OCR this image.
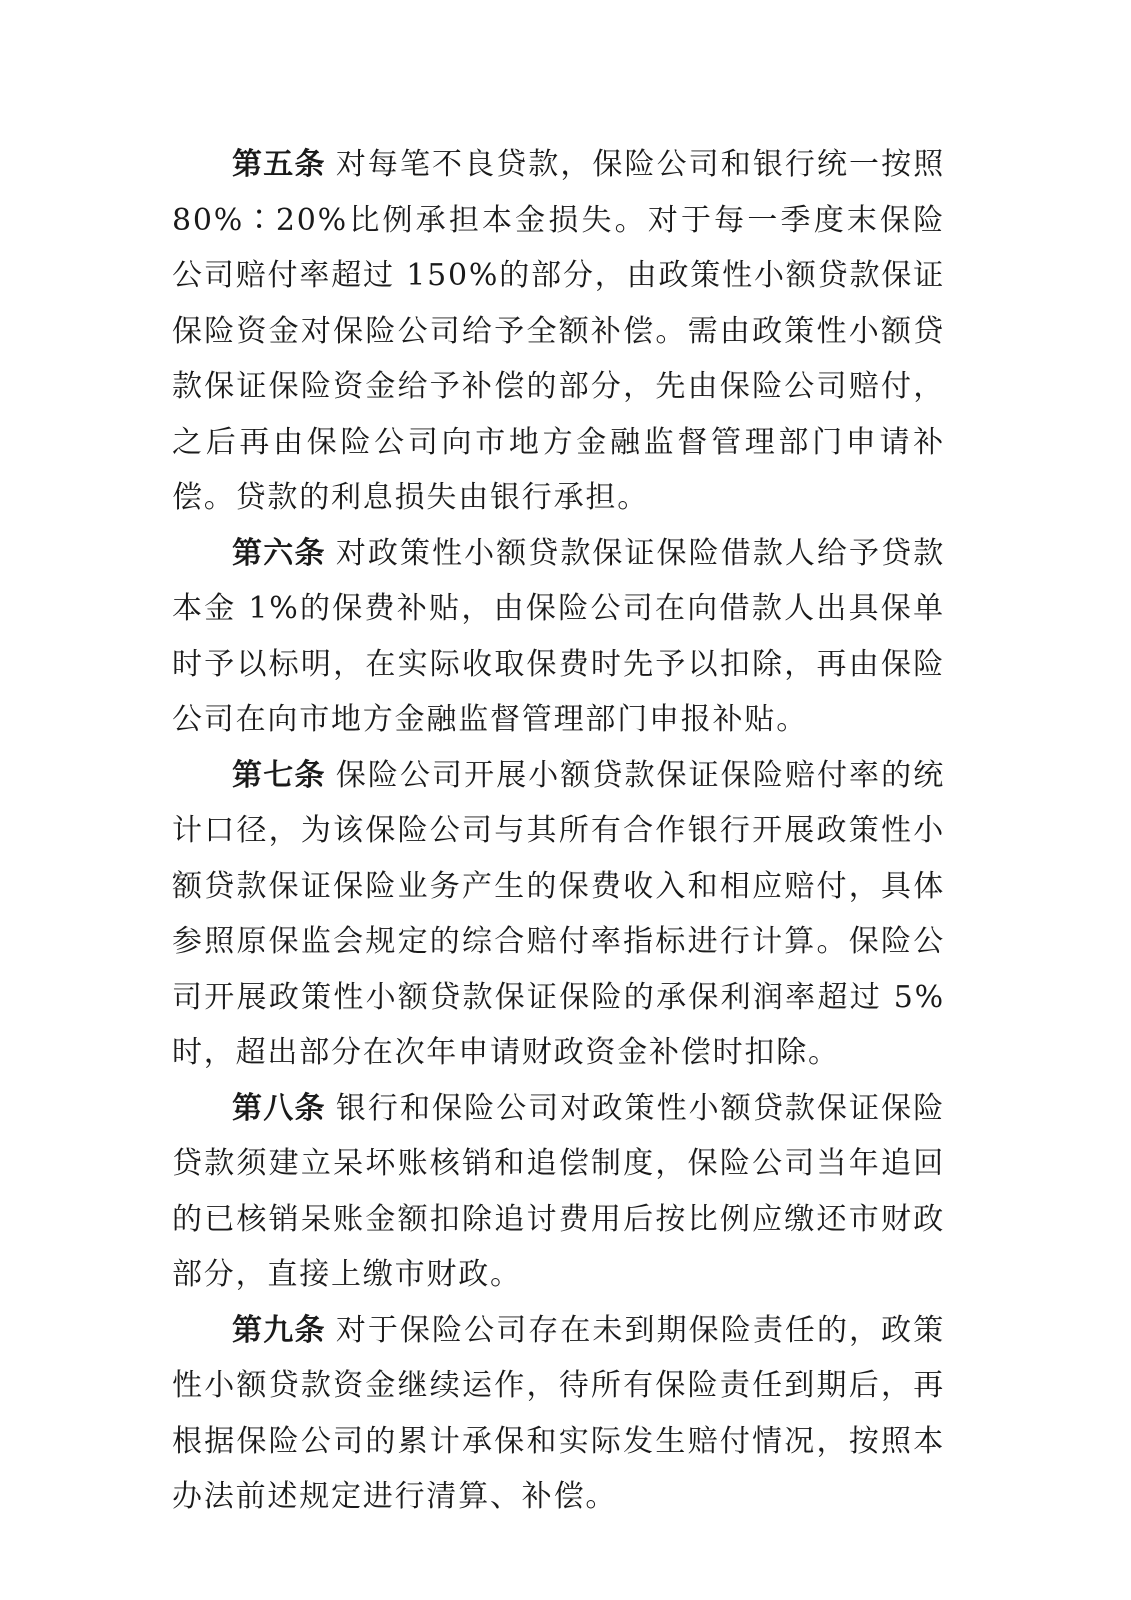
第五条 对每笔不良贷款，保险公司和银行统一按照80%∶20%比例承担本金损失。对于每一季度末保险公司赔付率超过 150%的部分，由政策性小额贷款保证保险资金对保险公司给予全额补偿。需由政策性小额贷款保证保险资金给予补偿的部分，先由保险公司赔付，之后再由保险公司向市地方金融监督管理部门申请补偿。贷款的利息损失由银行承担。

第六条 对政策性小额贷款保证保险借款人给予贷款本金 1%的保费补贴，由保险公司在向借款人出具保单时予以标明，在实际收取保费时先予以扣除，再由保险公司在向市地方金融监督管理部门申报补贴。

第七条 保险公司开展小额贷款保证保险赔付率的统计口径，为该保险公司与其所有合作银行开展政策性小额贷款保证保险业务产生的保费收入和相应赔付，具体参照原保监会规定的综合赔付率指标进行计算。保险公司开展政策性小额贷款保证保险的承保利润率超过 5%时，超出部分在次年申请财政资金补偿时扣除。

第八条 银行和保险公司对政策性小额贷款保证保险贷款须建立呆坏账核销和追偿制度，保险公司当年追回的已核销呆账金额扣除追讨费用后按比例应缴还市财政部分，直接上缴市财政。

第九条 对于保险公司存在未到期保险责任的，政策性小额贷款资金继续运作，待所有保险责任到期后，再根据保险公司的累计承保和实际发生赔付情况，按照本办法前述规定进行清算、补偿。
